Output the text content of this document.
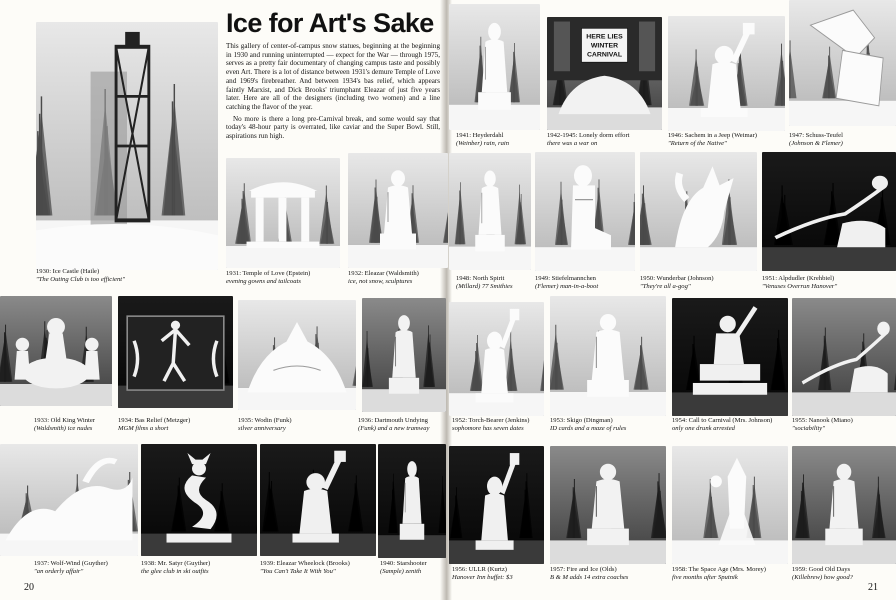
Ice for Art's Sake

This gallery of center-of-campus snow statues, beginning at the beginning in 1930 and running uninterrupted — expect for the War — through 1975, serves as a pretty fair documentary of changing campus taste and possibly even Art. There is a lot of distance between 1931's demure Temple of Love and 1969's firebreather. And between 1934's bas relief, which appears faintly Marxist, and Dick Brooks' triumphant Eleazar of just five years later. Here are all of the designers (including two women) and a line catching the flavor of the year.

No more is there a long pre-Carnival break, and some would say that today's 48-hour party is overrated, like caviar and the Super Bowl. Still, aspirations run high.

20	21
1930: Ice Castle (Haile)
"The Outing Club is too efficient"
1931: Temple of Love (Epstein)
evening gowns and tailcoats
1932: Eleazar (Waldsmith)
ice, not snow, sculptures
1933: Old King Winter
(Waldsmith) ice nudes
1934: Bas Relief (Metzger)
MGM films a short
1935: Wodin (Funk)
silver anniversary
1936: Dartmouth Undying
(Funk) and a new tramway
1937: Wolf-Wind (Guyther)
"an orderly affair"
1938: Mr. Satyr (Guyther)
the glee club in ski outfits
1939: Eleazar Wheelock (Brooks)
"You Can't Take It With You"
1940: Starshooter
(Sample) zenith
1941: Heyderdahl
(Weinber) rain, rain
HERE LIES
WINTER
CARNIVAL
1942-1945: Lonely dorm effort
there was a war on
1946: Sachem in a Jeep (Weimar)
"Return of the Native"
1947: Schuss-Teufel
(Johnson & Flemer)
1948: North Spirit
(Millard) 77 Smithies
1949: Stiefelmannchen
(Flemer) man-in-a-boot
1950: Wunderbar (Johnson)
"They're all a-gog"
1951: Alpdudler (Krehbiel)
"Venuses Overrun Hanover"
1952: Torch-Bearer (Jenkins)
sophomore has seven dates
1953: Skigo (Dingman)
ID cards and a maze of rules
1954: Call to Carnival (Mrs. Johnson)
only one drunk arrested
1955: Nanook (Miano)
"sociability"
1956: ULLR (Kurtz)
Hanover Inn buffet: $3
1957: Fire and Ice (Olds)
B & M adds 14 extra coaches
1958: The Space Age (Mrs. Morey)
five months after Sputnik
1959: Good Old Days
(Killebrew) how good?
